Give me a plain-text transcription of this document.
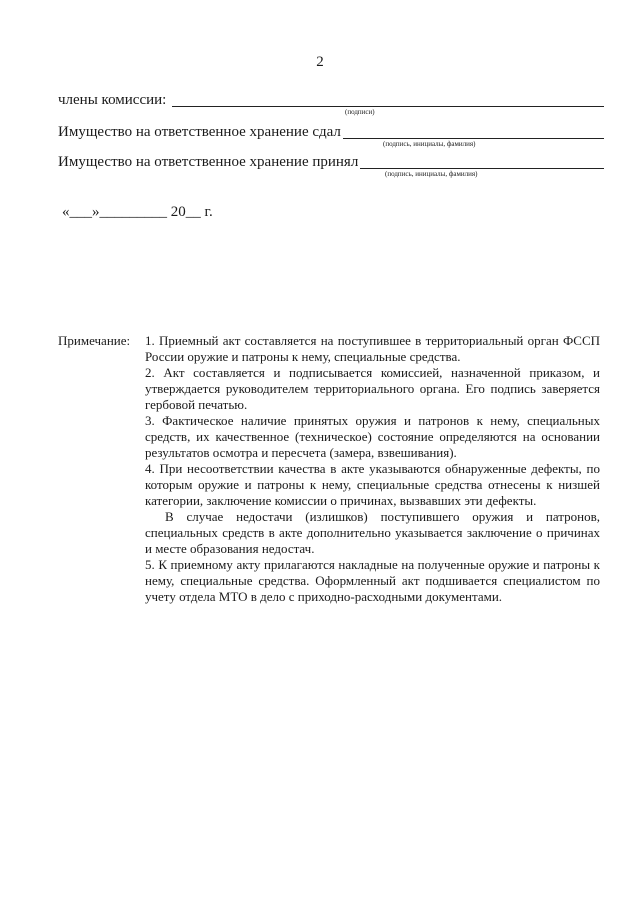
2
члены комиссии:
(подписи)
Имущество на ответственное хранение сдал
(подпись, инициалы, фамилия)
Имущество на ответственное хранение принял
(подпись, инициалы, фамилия)
«___»_________ 20__ г.
Примечание: 1. Приемный акт составляется на поступившее в территориальный орган ФССП России оружие и патроны к нему, специальные средства.

2. Акт составляется и подписывается комиссией, назначенной приказом, и утверждается руководителем территориального органа. Его подпись заверяется гербовой печатью.

3. Фактическое наличие принятых оружия и патронов к нему, специальных средств, их качественное (техническое) состояние определяются на основании результатов осмотра и пересчета (замера, взвешивания).

4. При несоответствии качества в акте указываются обнаруженные дефекты, по которым оружие и патроны к нему, специальные средства отнесены к низшей категории, заключение комиссии о причинах, вызвавших эти дефекты.

В случае недостачи (излишков) поступившего оружия и патронов, специальных средств в акте дополнительно указывается заключение о причинах и месте образования недостач.

5. К приемному акту прилагаются накладные на полученные оружие и патроны к нему, специальные средства. Оформленный акт подшивается специалистом по учету отдела МТО в дело с приходно-расходными документами.
